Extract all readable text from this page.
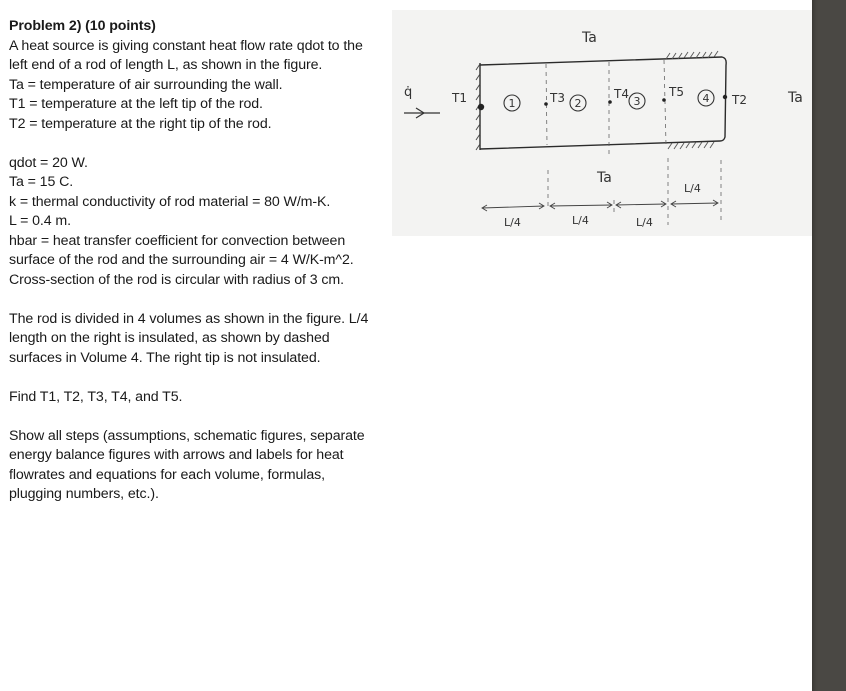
Problem 2) (10 points)
A heat source is giving constant heat flow rate qdot to the
left end of a rod of length L, as shown in the figure.
Ta = temperature of air surrounding the wall.
T1 = temperature at the left tip of the rod.
T2 = temperature at the right tip of the rod.
qdot = 20 W.
Ta = 15 C.
k = thermal conductivity of rod material = 80 W/m-K.
L = 0.4 m.
hbar = heat transfer coefficient for convection between
surface of the rod and the surrounding air = 4 W/K-m^2.
Cross-section of the rod is circular with radius of 3 cm.
The rod is divided in 4 volumes as shown in the figure. L/4
length on the right is insulated, as shown by dashed
surfaces in Volume 4. The right tip is not insulated.
Find T1, T2, T3, T4, and T5.
Show all steps (assumptions, schematic figures, separate
energy balance figures with arrows and labels for heat
flowrates and equations for each volume, formulas,
plugging numbers, etc.).
1	2	3	4
q̇	T1	T3	T4	T5
T2
Ta
Ta
Ta
L/4	L/4	L/4
L/4
